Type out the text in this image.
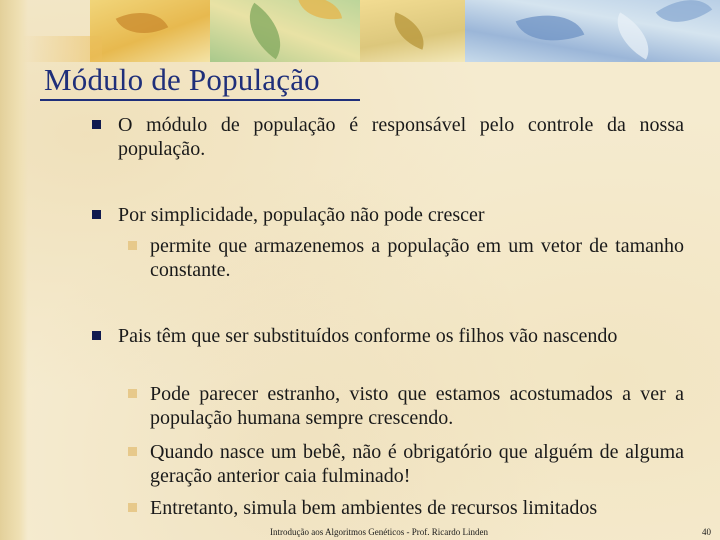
Módulo de População
O módulo de população é responsável pelo controle da nossa população.
Por simplicidade, população não pode crescer
permite que armazenemos a população em um vetor de tamanho constante.
Pais têm que ser substituídos conforme os filhos vão nascendo
Pode parecer estranho, visto que estamos acostumados a ver a população humana sempre crescendo.
Quando nasce um bebê, não é obrigatório que alguém de alguma geração anterior caia fulminado!
Entretanto, simula bem ambientes de recursos limitados
Introdução aos Algoritmos Genéticos - Prof. Ricardo Linden	40
